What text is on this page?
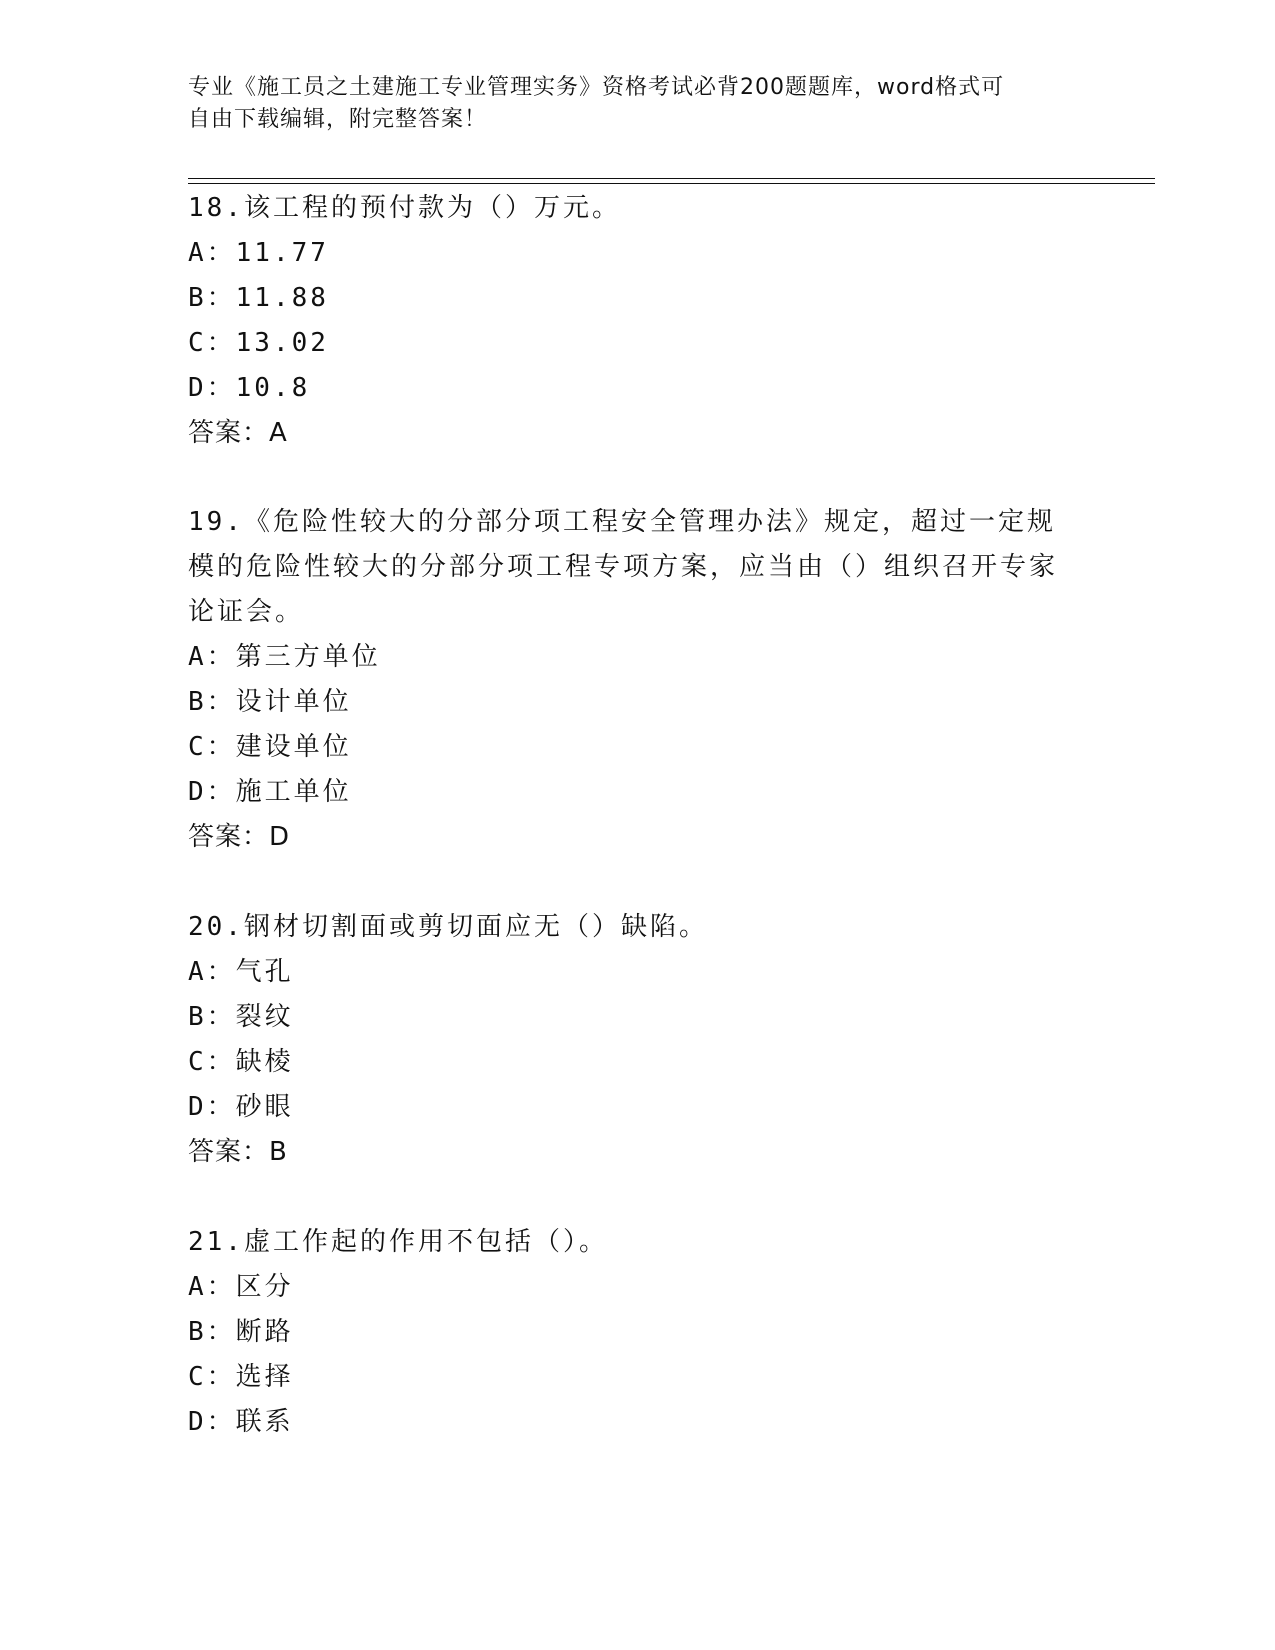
专业《施工员之土建施工专业管理实务》资格考试必背200题题库，word格式可
自由下载编辑，附完整答案！

18.该工程的预付款为（）万元。

A：11.77

B：11.88

C：13.02

D：10.8

答案：A

19.《危险性较大的分部分项工程安全管理办法》规定，超过一定规模的危险性较大的分部分项工程专项方案，应当由（）组织召开专家论证会。

A：第三方单位

B：设计单位

C：建设单位

D：施工单位

答案：D

20.钢材切割面或剪切面应无（）缺陷。

A：气孔

B：裂纹

C：缺棱

D：砂眼

答案：B

21.虚工作起的作用不包括（）。

A：区分

B：断路

C：选择

D：联系
